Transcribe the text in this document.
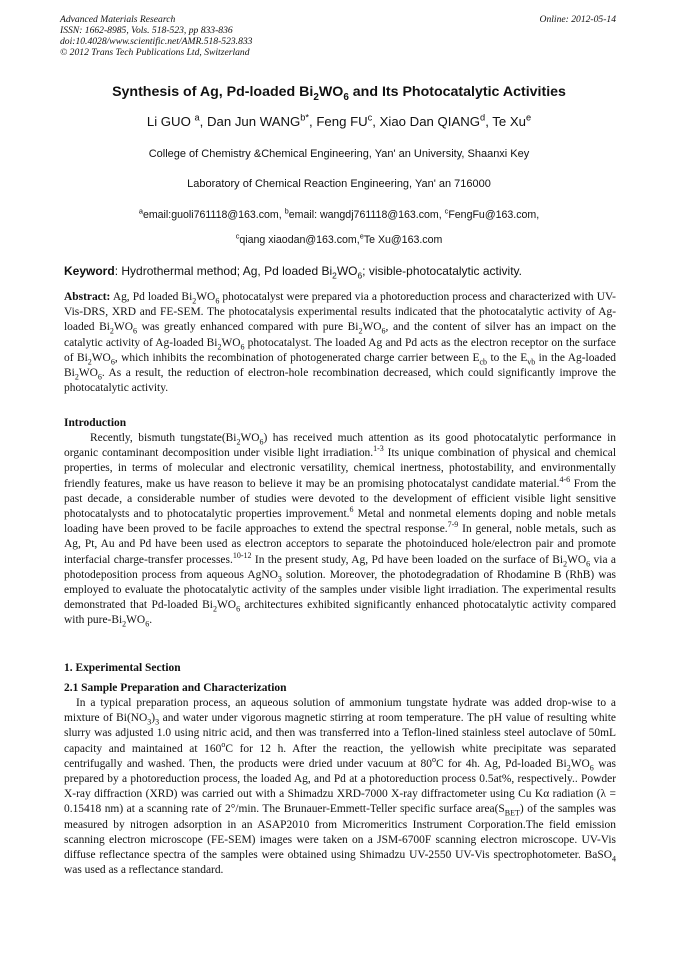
Advanced Materials Research
ISSN: 1662-8985, Vols. 518-523, pp 833-836
doi:10.4028/www.scientific.net/AMR.518-523.833
© 2012 Trans Tech Publications Ltd, Switzerland
Online: 2012-05-14
Synthesis of Ag, Pd-loaded $Bi_2WO_6$ and Its Photocatalytic Activities
Li GUO $^a$, Dan Jun $WANG^{b*}$, Feng $FU^c$, Xiao Dan QIANG$^d$, Te Xu$^e$
College of Chemistry &Chemical Engineering, Yan' an University, Shaanxi Key
Laboratory of Chemical Reaction Engineering, Yan' an 716000
$^a$email:guoli761118@163.com, $^b$email: wangdj761118@163.com, $^c$FengFu@163.com,
$^c$qiang xiaodan@163.com,$^e$Te Xu@163.com
Keyword: Hydrothermal method; Ag, Pd loaded $Bi_2WO_6$; visible-photocatalytic activity.
Abstract: Ag, Pd loaded $Bi_2WO_6$ photocatalyst were prepared via a photoreduction process and characterized with UV-Vis-DRS, XRD and FE-SEM. The photocatalysis experimental results indicated that the photocatalytic activity of Ag-loaded $Bi_2WO_6$ was greatly enhanced compared with pure $Bi_2WO_6$, and the content of silver has an impact on the catalytic activity of Ag-loaded $Bi_2WO_6$ photocatalyst. The loaded Ag and Pd acts as the electron receptor on the surface of $Bi_2WO_6$, which inhibits the recombination of photogenerated charge carrier between $E_{cb}$ to the $E_{vb}$ in the Ag-loaded $Bi_2WO_6$. As a result, the reduction of electron-hole recombination decreased, which could significantly improve the photocatalytic activity.
Introduction
Recently, bismuth $tungstate(Bi_2WO_6)$ has received much attention as its good photocatalytic performance in organic contaminant decomposition under visible light irradiation.$^{1-3}$ Its unique combination of physical and chemical properties, in terms of molecular and electronic versatility, chemical inertness, photostability, and environmentally friendly features, make us have reason to believe it may be an promising photocatalyst candidate material.$^{4-6}$ From the past decade, a considerable number of studies were devoted to the development of efficient visible light sensitive photocatalysts and to photocatalytic properties improvement.$^6$ Metal and nonmetal elements doping and noble metals loading have been proved to be facile approaches to extend the spectral response.$^{7-9}$ In general, noble metals, such as Ag, Pt, Au and Pd have been used as electron acceptors to separate the photoinduced hole/electron pair and promote interfacial charge-transfer processes.$^{10-12}$ In the present study, Ag, Pd have been loaded on the surface of $Bi_2WO_6$ via a photodeposition process from aqueous AgNO$_3$ solution. Moreover, the photodegradation of Rhodamine B (RhB) was employed to evaluate the photocatalytic activity of the samples under visible light irradiation. The experimental results demonstrated that Pd-loaded $Bi_2WO_6$ architectures exhibited significantly enhanced photocatalytic activity compared with pure-$Bi_2WO_6$.
1. Experimental Section
2.1 Sample Preparation and Characterization
In a typical preparation process, an aqueous solution of ammonium tungstate hydrate was added drop-wise to a mixture of $Bi(NO_3)_3$ and water under vigorous magnetic stirring at room temperature. The pH value of resulting white slurry was adjusted 1.0 using nitric acid, and then was transferred into a Teflon-lined stainless steel autoclave of 50mL capacity and maintained at 160$^o$C for 12 h. After the reaction, the yellowish white precipitate was separated centrifugally and washed. Then, the products were dried under vacuum at 80$^o$C for 4h. Ag, Pd-loaded $Bi_2WO_6$ was prepared by a photoreduction process, the loaded Ag, and Pd at a photoreduction process 0.5at%, respectively.. Powder X-ray diffraction (XRD) was carried out with a Shimadzu XRD-7000 X-ray diffractometer using Cu Kα radiation (λ = 0.15418 nm) at a scanning rate of 2°/min. The Brunauer-Emmett-Teller specific surface $area(S_{BET})$ of the samples was measured by nitrogen adsorption in an ASAP2010 from Micromeritics Instrument Corporation.The field emission scanning electron microscope (FE-SEM) images were taken on a JSM-6700F scanning electron microscope. UV-Vis diffuse reflectance spectra of the samples were obtained using Shimadzu UV-2550 UV-Vis spectrophotometer. BaSO$_4$ was used as a reflectance standard.
